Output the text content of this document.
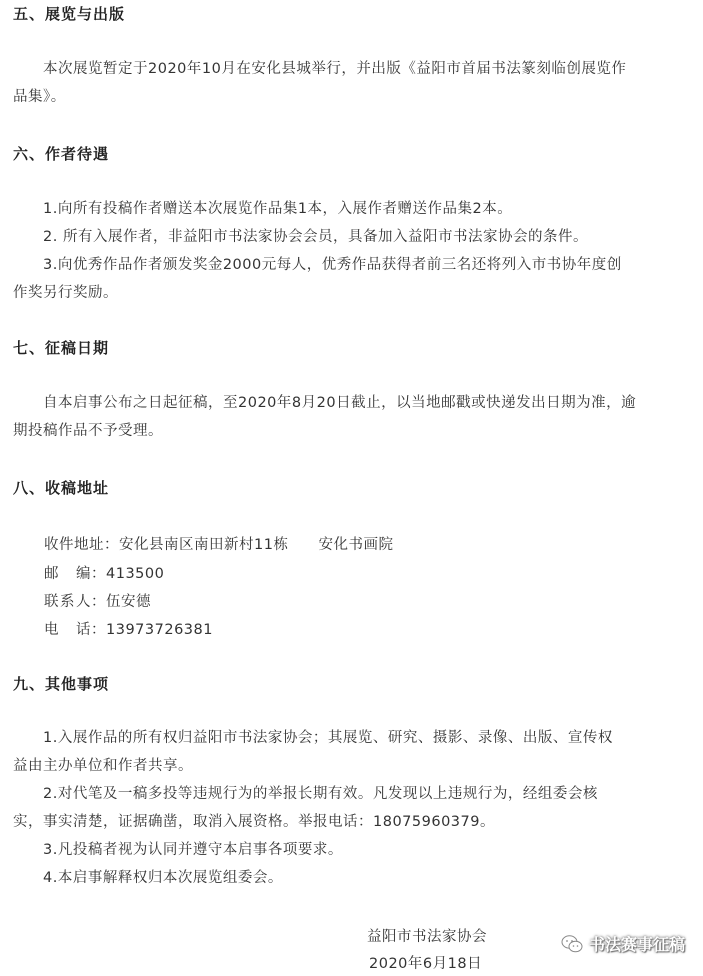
五、展览与出版
本次展览暂定于2020年10月在安化县城举行，并出版《益阳市首届书法篆刻临创展览作
品集》。
六、作者待遇
1.向所有投稿作者赠送本次展览作品集1本，入展作者赠送作品集2本。
2. 所有入展作者，非益阳市书法家协会会员，具备加入益阳市书法家协会的条件。
3.向优秀作品作者颁发奖金2000元每人，优秀作品获得者前三名还将列入市书协年度创
作奖另行奖励。
七、征稿日期
自本启事公布之日起征稿，至2020年8月20日截止，以当地邮戳或快递发出日期为准，逾
期投稿作品不予受理。
八、收稿地址
收件地址：安化县南区南田新村11栋　　安化书画院
邮 编： 413500
联 系 人： 伍安德
电 话： 13973726381
九、其他事项
1.入展作品的所有权归益阳市书法家协会；其展览、研究、摄影、录像、出版、宣传权
益由主办单位和作者共享。
2.对代笔及一稿多投等违规行为的举报长期有效。凡发现以上违规行为，经组委会核
实，事实清楚，证据确凿，取消入展资格。举报电话：18075960379。
3.凡投稿者视为认同并遵守本启事各项要求。
4.本启事解释权归本次展览组委会。
益阳市书法家协会
2020年6月18日
书法赛事征稿
